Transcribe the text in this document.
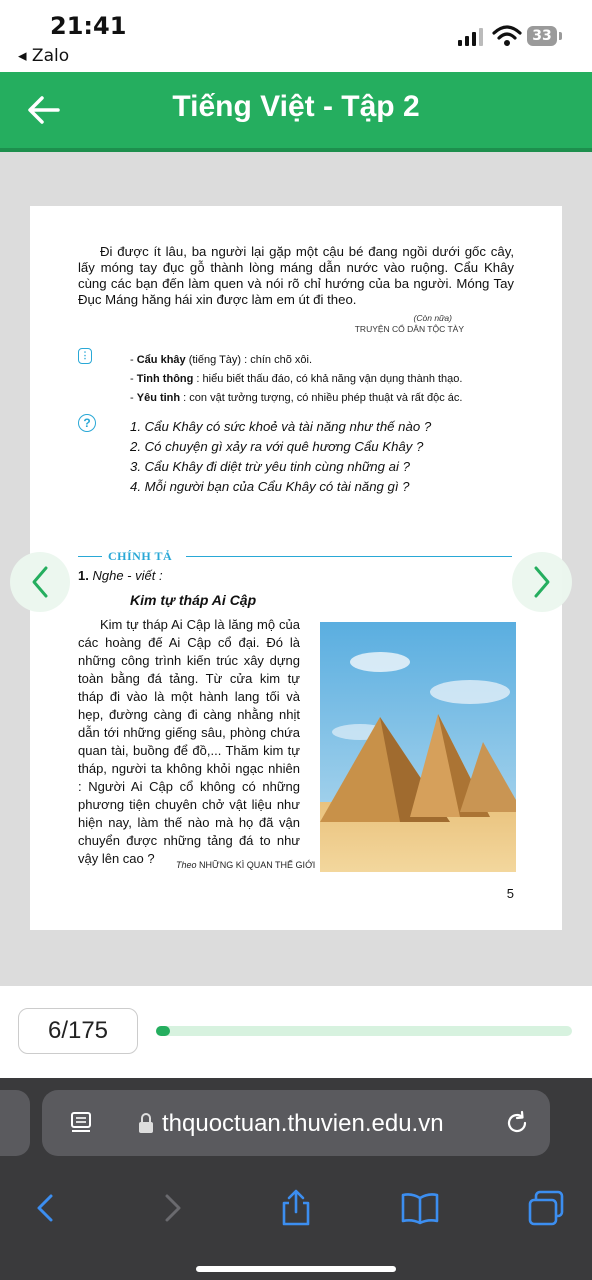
21:41
◂ Zalo
33
Tiếng Việt - Tập 2
Đi được ít lâu, ba người lại gặp một cậu bé đang ngồi dưới gốc cây, lấy móng tay đục gỗ thành lòng máng dẫn nước vào ruộng. Cẩu Khây cùng các bạn đến làm quen và nói rõ chỉ hướng của ba người. Móng Tay Đục Máng hăng hái xin được làm em út đi theo.
(Còn nữa)
TRUYỆN CỔ DÂN TỘC TÀY
⋮	- Cẩu khây (tiếng Tày) : chín chõ xôi.
- Tinh thông : hiểu biết thấu đáo, có khả năng vận dụng thành thạo.
- Yêu tinh : con vật tưởng tượng, có nhiều phép thuật và rất độc ác.
?	1. Cẩu Khây có sức khoẻ và tài năng như thế nào ?
2. Có chuyện gì xảy ra với quê hương Cẩu Khây ?
3. Cẩu Khây đi diệt trừ yêu tinh cùng những ai ?
4. Mỗi người bạn của Cẩu Khây có tài năng gì ?
CHÍNH TẢ
1. Nghe - viết :
Kim tự tháp Ai Cập
Kim tự tháp Ai Cập là lăng mộ của các hoàng đế Ai Cập cổ đại. Đó là những công trình kiến trúc xây dựng toàn bằng đá tảng. Từ cửa kim tự tháp đi vào là một hành lang tối và hẹp, đường càng đi càng nhằng nhịt dẫn tới những giếng sâu, phòng chứa quan tài, buồng để đồ,... Thăm kim tự tháp, người ta không khỏi ngạc nhiên : Người Ai Cập cổ không có những phương tiện chuyên chở vật liệu như hiện nay, làm thế nào mà họ đã vận chuyển được những tảng đá to như vậy lên cao ?	Theo NHỮNG KÌ QUAN THẾ GIỚI
5
6/175
thquoctuan.thuvien.edu.vn
